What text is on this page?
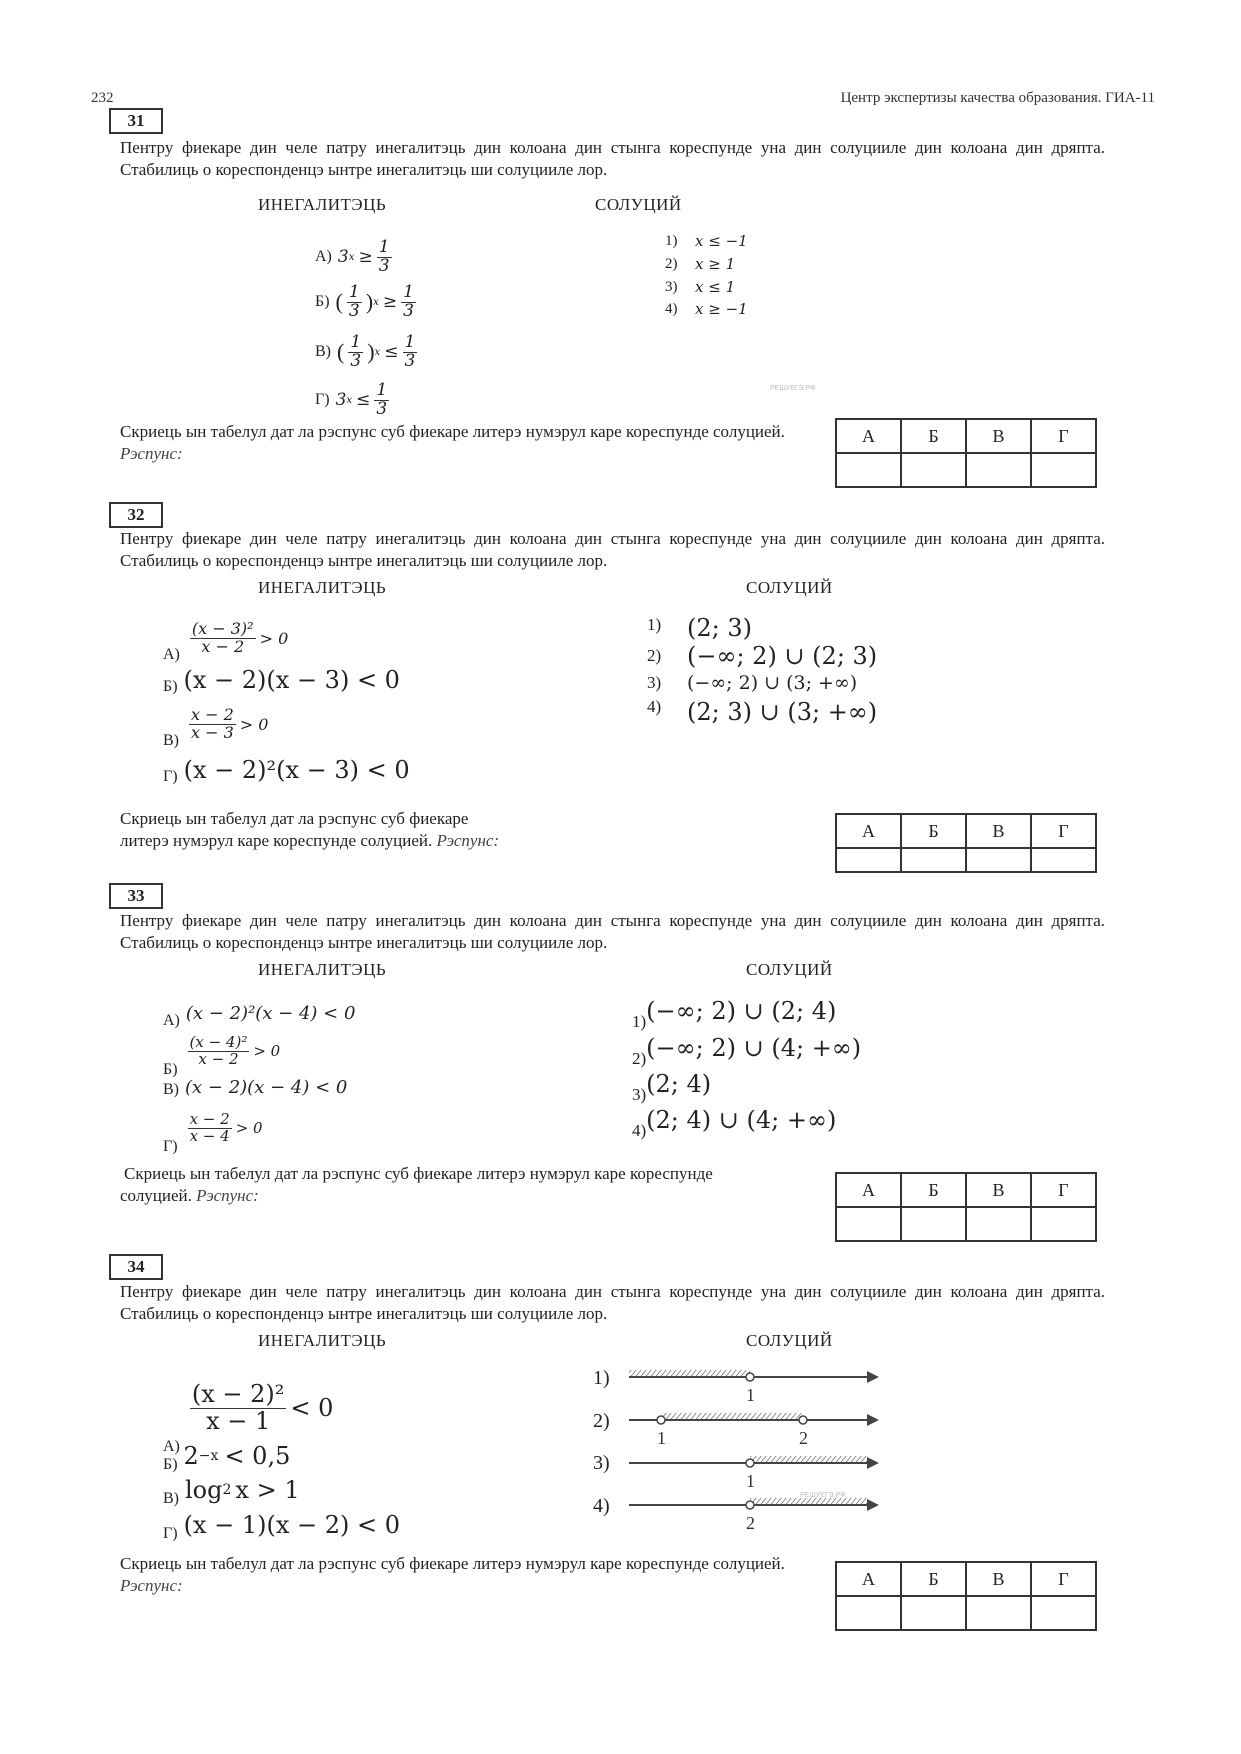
232	Центр экспертизы качества образования. ГИА-11
31
Пентру фиекаре дин челе патру инегалитэць дин колоана дин стынга кореспунде уна дин солуцииле дин колоана дин дряпта. Стабилиць о кореспонденцэ ынтре инегалитэць ши солуцииле лор.
ИНЕГАЛИТЭЦЬ	СОЛУЦИЙ
А) 3 $x \ge \frac{1}{3}$
Б) ( $\frac{1}{3}$ ) $x \ge \frac{1}{3}$
В) ( $\frac{1}{3}$ ) $x \le \frac{1}{3}$
Г) 3 $x \le \frac{1}{3}$
1)	x ≤ −1
2)	x ≥ 1
3)	x ≤ 1
4)	x ≥ −1
РЕШУЕГЭ.РФ
Скриець ын табелул дат ла рэспунс суб фиекаре литерэ нумэрул каре кореспунде солуцией. Рэспунс:
А	Б	В	Г

32
Пентру фиекаре дин челе патру инегалитэць дин колоана дин стынга кореспунде уна дин солуцииле дин колоана дин дряпта. Стабилиць о кореспонденцэ ынтре инегалитэць ши солуцииле лор.
ИНЕГАЛИТЭЦЬ	СОЛУЦИЙ
$А) \frac{\text{(x − 3)²}}{x - 2} > 0$
Б) (x − 2)(x − 3) < 0
$В) \frac{x - 2}{x - 3} > 0$
Г) (x − 2)²(x − 3) < 0
1)	(2; 3)
2)	(−∞; 2) ∪ (2; 3)
3)	(−∞; 2) ∪ (3; +∞)
4)	(2; 3) ∪ (3; +∞)
Скриець ын табелул дат ла рэспунс суб фиекаре
литерэ нумэрул каре кореспунде солуцией. Рэспунс:	А	Б	В	Г

33
Пентру фиекаре дин челе патру инегалитэць дин колоана дин стынга кореспунде уна дин солуцииле дин колоана дин дряпта. Стабилиць о кореспонденцэ ынтре инегалитэць ши солуцииле лор.
ИНЕГАЛИТЭЦЬ	СОЛУЦИЙ
А) (x − 2)²(x − 4) < 0
Б)
$\frac{\text{(x − 4)²}}{x - 2} > 0$
В) (x − 2)(x − 4) < 0
Г)
$\frac{x - 2}{x - 4} > 0$
1) (−∞; 2) ∪ (2; 4)
2) (−∞; 2) ∪ (4; +∞)
3) (2; 4)
4) (2; 4) ∪ (4; +∞)
Скриець ын табелул дат ла рэспунс суб фиекаре литерэ нумэрул каре кореспунде
солуцией. Рэспунс:	А	Б	В	Г

34
Пентру фиекаре дин челе патру инегалитэць дин колоана дин стынга кореспунде уна дин солуцииле дин колоана дин дряпта. Стабилиць о кореспонденцэ ынтре инегалитэць ши солуцииле лор.
ИНЕГАЛИТЭЦЬ	СОЛУЦИЙ
А)
$\frac{\text{(x − 2)²}}{x - 1} < 0$
Б) 2 −x < 0,5
В) log 2 x > 1
Г) (x − 1)(x − 2) < 0
1)
1
2)
1	2
3)
1
4)
2
РЕШУЕГЭ.РФ
Скриець ын табелул дат ла рэспунс суб фиекаре литерэ нумэрул каре кореспунде солуцией. Рэспунс:	А	Б	В	Г
